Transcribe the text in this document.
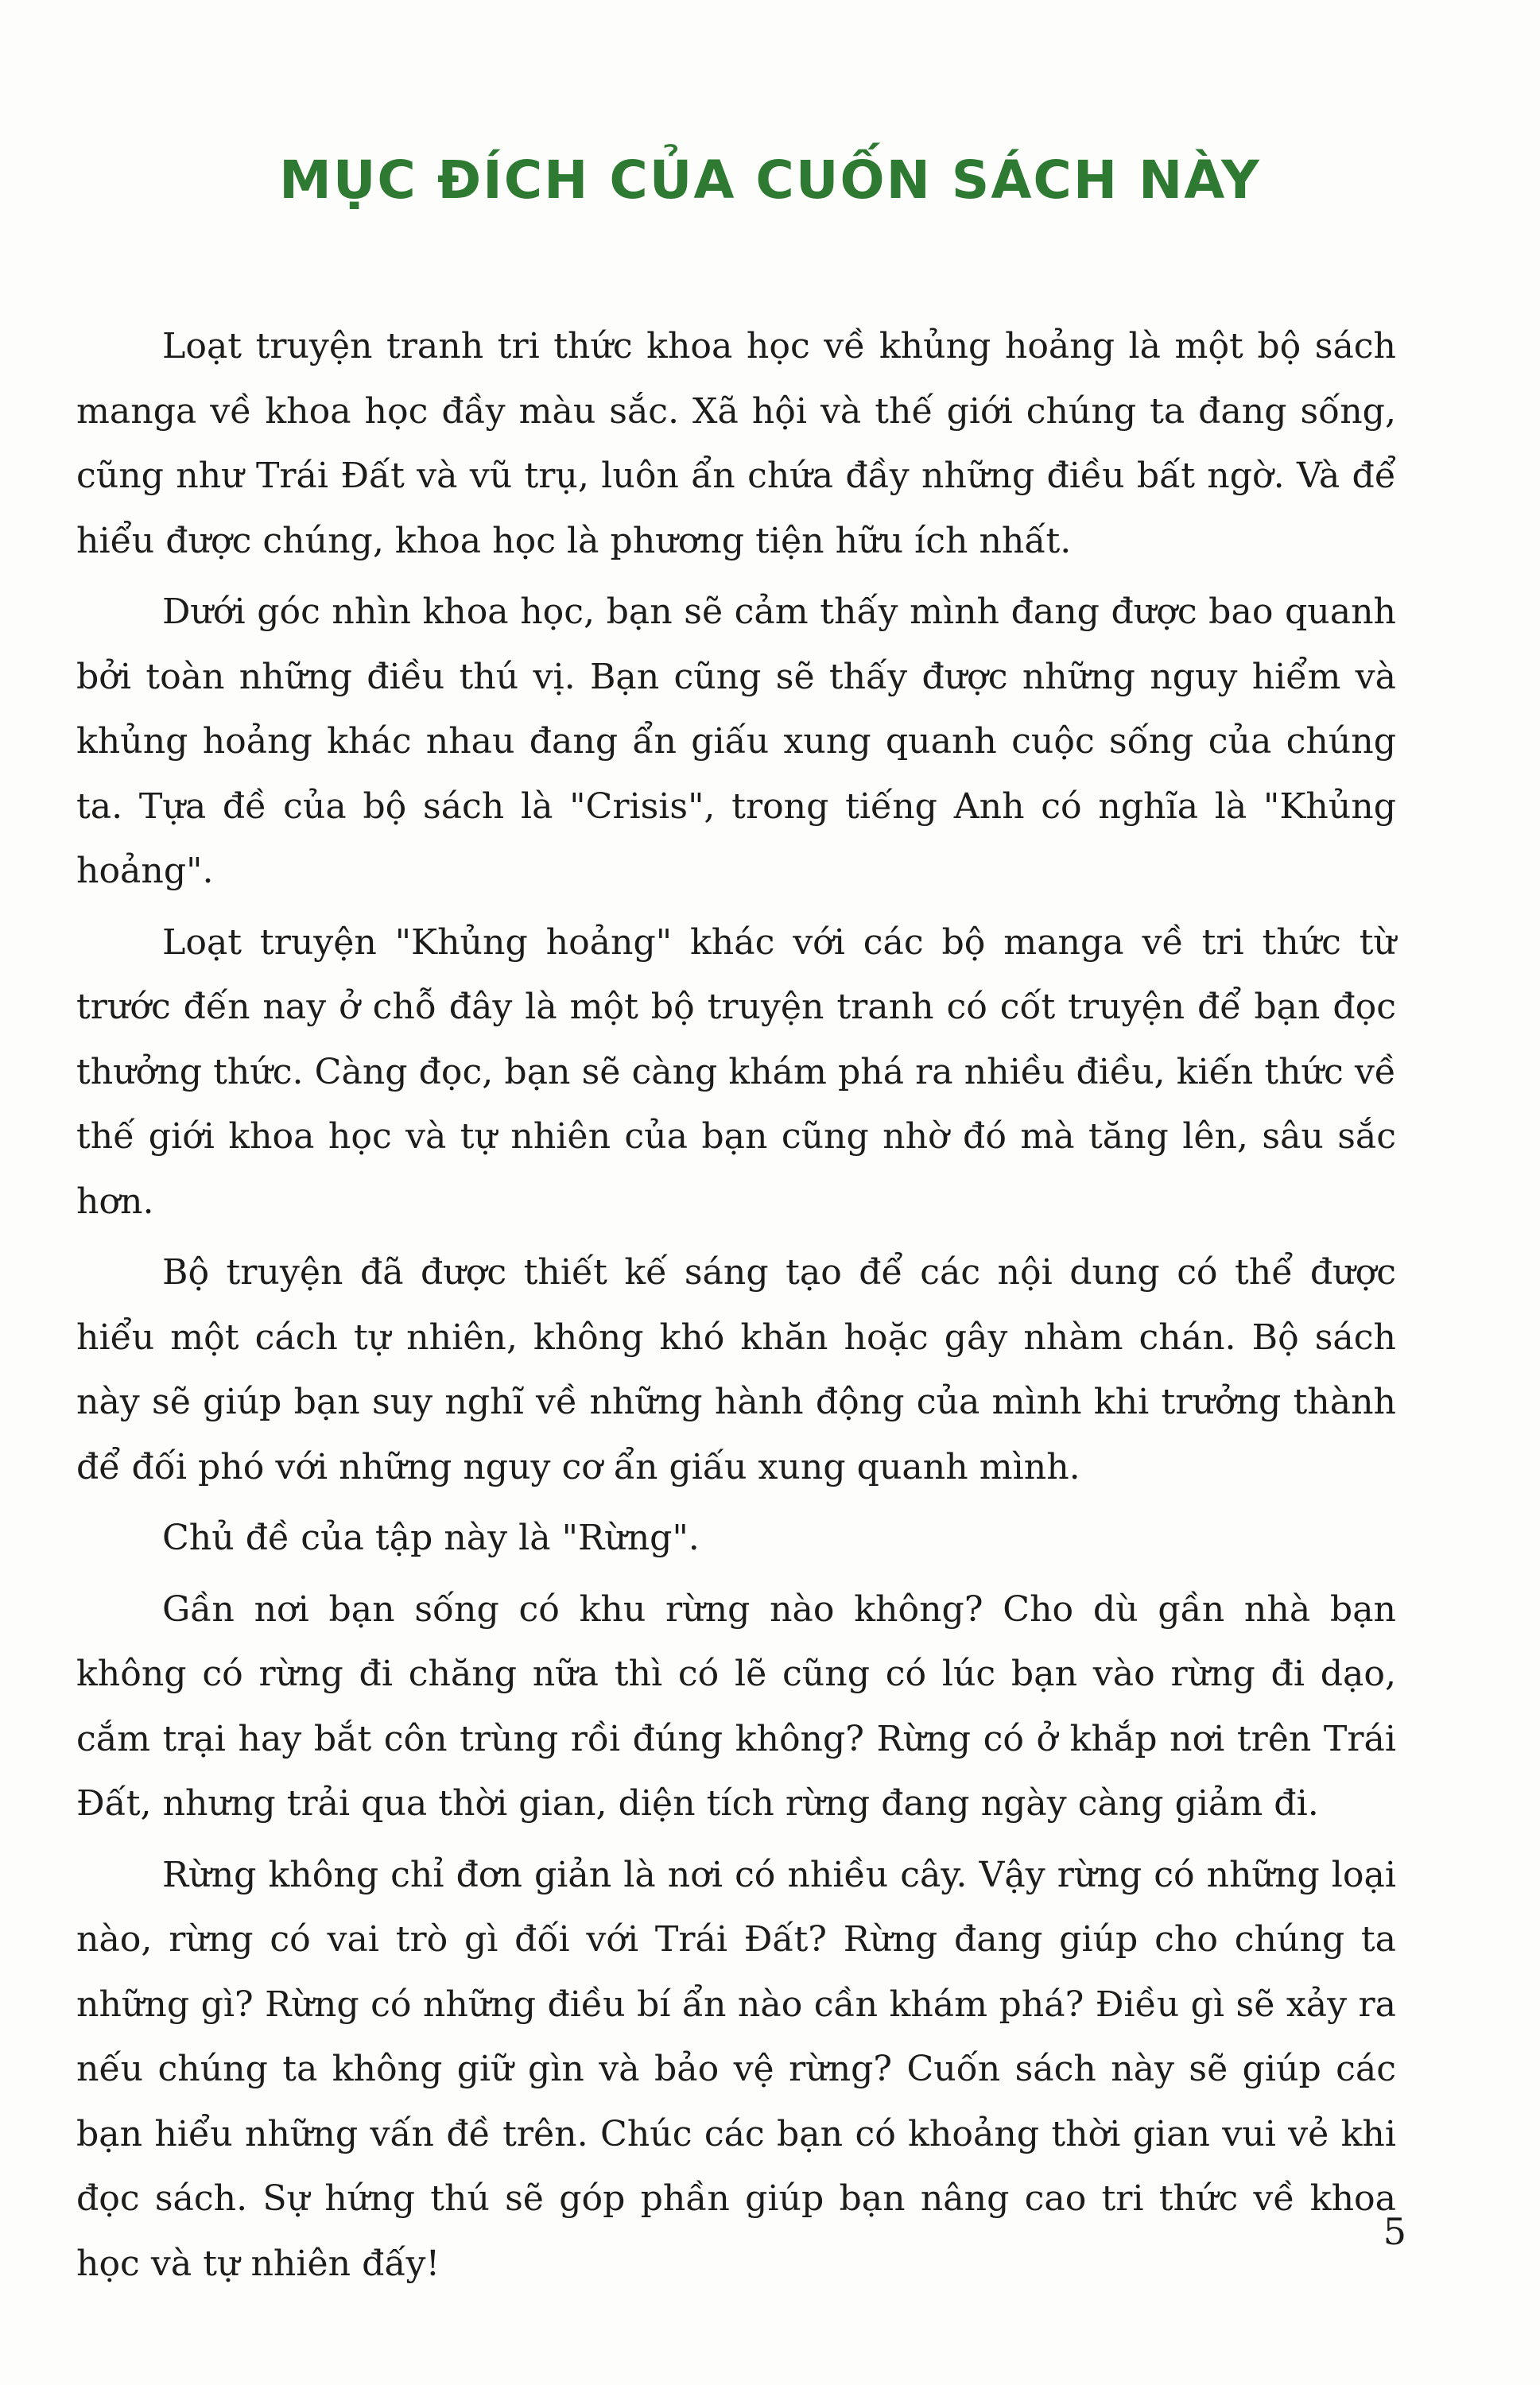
MỤC ĐÍCH CỦA CUỐN SÁCH NÀY

Loạt truyện tranh tri thức khoa học về khủng hoảng là một bộ sách manga về khoa học đầy màu sắc. Xã hội và thế giới chúng ta đang sống, cũng như Trái Đất và vũ trụ, luôn ẩn chứa đầy những điều bất ngờ. Và để hiểu được chúng, khoa học là phương tiện hữu ích nhất.

Dưới góc nhìn khoa học, bạn sẽ cảm thấy mình đang được bao quanh bởi toàn những điều thú vị. Bạn cũng sẽ thấy được những nguy hiểm và khủng hoảng khác nhau đang ẩn giấu xung quanh cuộc sống của chúng ta. Tựa đề của bộ sách là "Crisis", trong tiếng Anh có nghĩa là "Khủng hoảng".

Loạt truyện "Khủng hoảng" khác với các bộ manga về tri thức từ trước đến nay ở chỗ đây là một bộ truyện tranh có cốt truyện để bạn đọc thưởng thức. Càng đọc, bạn sẽ càng khám phá ra nhiều điều, kiến thức về thế giới khoa học và tự nhiên của bạn cũng nhờ đó mà tăng lên, sâu sắc hơn.

Bộ truyện đã được thiết kế sáng tạo để các nội dung có thể được hiểu một cách tự nhiên, không khó khăn hoặc gây nhàm chán. Bộ sách này sẽ giúp bạn suy nghĩ về những hành động của mình khi trưởng thành để đối phó với những nguy cơ ẩn giấu xung quanh mình.

Chủ đề của tập này là "Rừng".

Gần nơi bạn sống có khu rừng nào không? Cho dù gần nhà bạn không có rừng đi chăng nữa thì có lẽ cũng có lúc bạn vào rừng đi dạo, cắm trại hay bắt côn trùng rồi đúng không? Rừng có ở khắp nơi trên Trái Đất, nhưng trải qua thời gian, diện tích rừng đang ngày càng giảm đi.

Rừng không chỉ đơn giản là nơi có nhiều cây. Vậy rừng có những loại nào, rừng có vai trò gì đối với Trái Đất? Rừng đang giúp cho chúng ta những gì? Rừng có những điều bí ẩn nào cần khám phá? Điều gì sẽ xảy ra nếu chúng ta không giữ gìn và bảo vệ rừng? Cuốn sách này sẽ giúp các bạn hiểu những vấn đề trên. Chúc các bạn có khoảng thời gian vui vẻ khi đọc sách. Sự hứng thú sẽ góp phần giúp bạn nâng cao tri thức về khoa học và tự nhiên đấy!

5
